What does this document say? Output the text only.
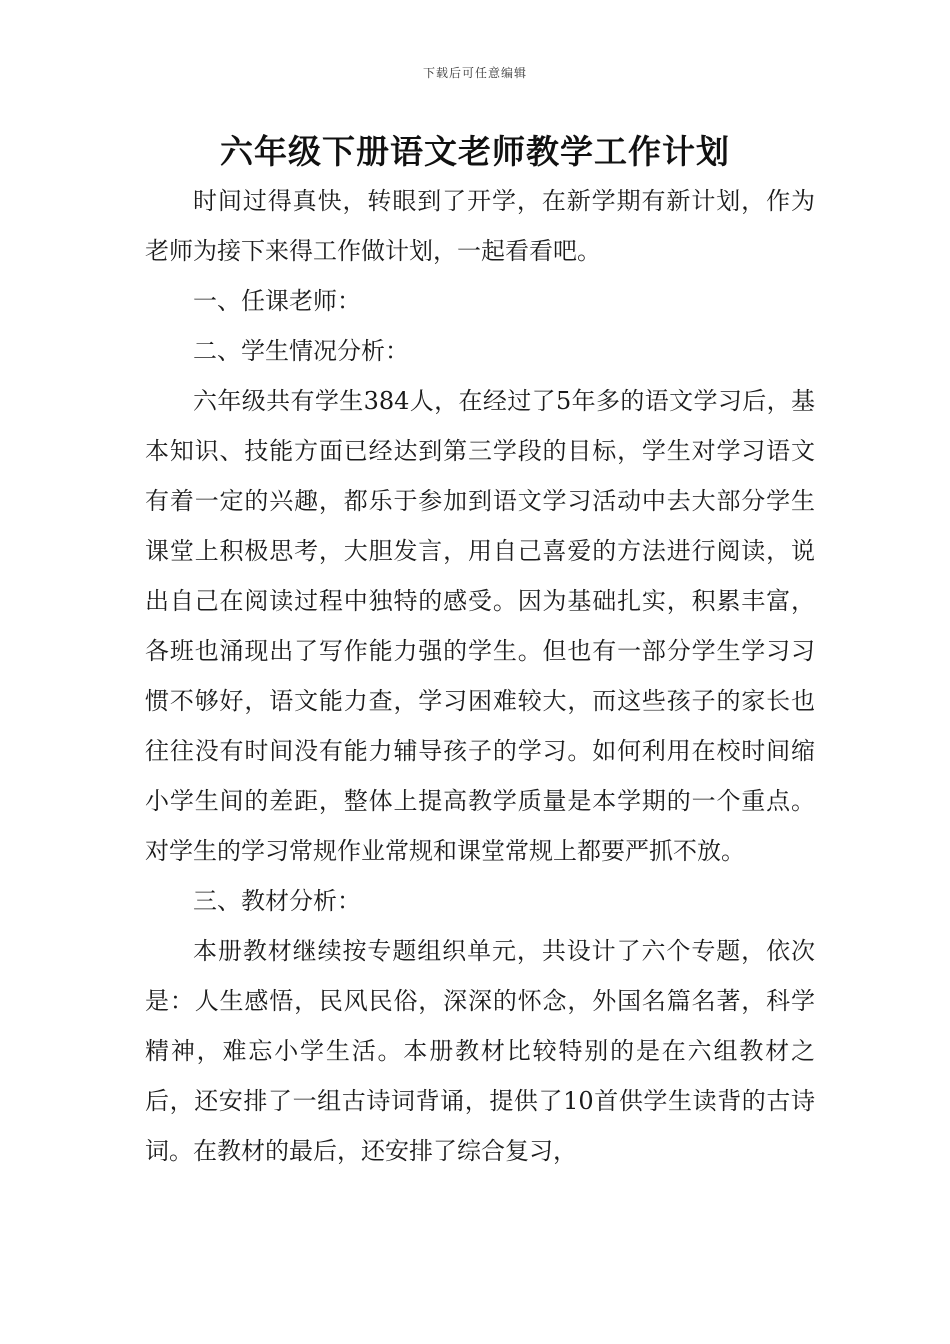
下载后可任意编辑
六年级下册语文老师教学工作计划

时间过得真快，转眼到了开学，在新学期有新计划，作为老师为接下来得工作做计划，一起看看吧。

一、任课老师：

二、学生情况分析：

六年级共有学生384人，在经过了5年多的语文学习后，基本知识、技能方面已经达到第三学段的目标，学生对学习语文有着一定的兴趣，都乐于参加到语文学习活动中去大部分学生课堂上积极思考，大胆发言，用自己喜爱的方法进行阅读，说出自己在阅读过程中独特的感受。因为基础扎实，积累丰富，各班也涌现出了写作能力强的学生。但也有一部分学生学习习惯不够好，语文能力查，学习困难较大，而这些孩子的家长也往往没有时间没有能力辅导孩子的学习。如何利用在校时间缩小学生间的差距，整体上提高教学质量是本学期的一个重点。对学生的学习常规作业常规和课堂常规上都要严抓不放。

三、教材分析：

本册教材继续按专题组织单元，共设计了六个专题，依次是：人生感悟，民风民俗，深深的怀念，外国名篇名著，科学精神，难忘小学生活。本册教材比较特别的是在六组教材之后，还安排了一组古诗词背诵，提供了10首供学生读背的古诗词。在教材的最后，还安排了综合复习，
